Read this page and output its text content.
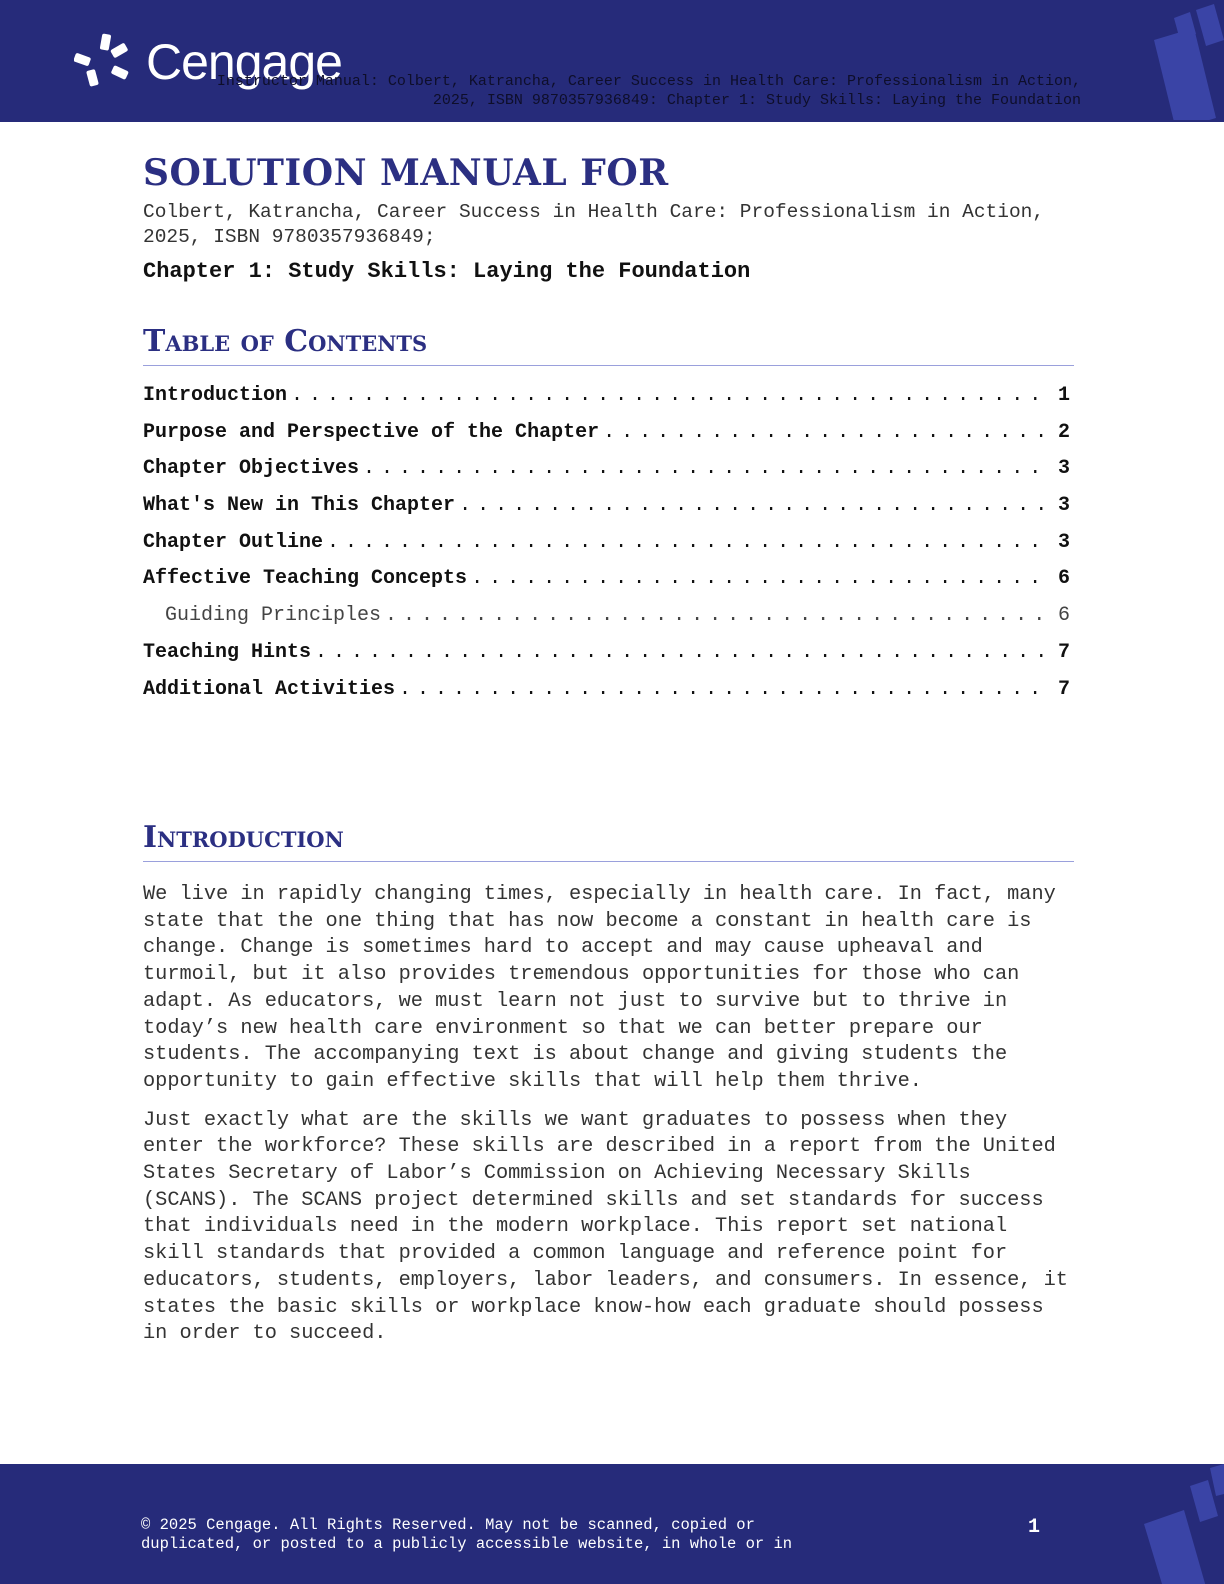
Cengage
Instructor Manual: Colbert, Katrancha, Career Success in Health Care: Professionalism in Action,
2025, ISBN 9870357936849: Chapter 1: Study Skills: Laying the Foundation
SOLUTION MANUAL FOR
Colbert, Katrancha, Career Success in Health Care: Professionalism in Action, 2025, ISBN 9780357936849;
Chapter 1: Study Skills: Laying the Foundation
Table of Contents
Introduction . . .	1
Purpose and Perspective of the Chapter . . .	2
Chapter Objectives . . .	3
What's New in This Chapter . . .	3
Chapter Outline . . .	3
Affective Teaching Concepts . . .	6
Guiding Principles . . .	6
Teaching Hints . . .	7
Additional Activities . . .	7
Introduction

We live in rapidly changing times, especially in health care. In fact, many state that the one thing that has now become a constant in health care is change. Change is sometimes hard to accept and may cause upheaval and turmoil, but it also provides tremendous opportunities for those who can adapt. As educators, we must learn not just to survive but to thrive in today’s new health care environment so that we can better prepare our students. The accompanying text is about change and giving students the opportunity to gain effective skills that will help them thrive.

Just exactly what are the skills we want graduates to possess when they enter the workforce? These skills are described in a report from the United States Secretary of Labor’s Commission on Achieving Necessary Skills (SCANS). The SCANS project determined skills and set standards for success that individuals need in the modern workplace. This report set national skill standards that provided a common language and reference point for educators, students, employers, labor leaders, and consumers. In essence, it states the basic skills or workplace know-how each graduate should possess in order to succeed.

© 2025 Cengage. All Rights Reserved. May not be scanned, copied or
duplicated, or posted to a publicly accessible website, in whole or in
1
